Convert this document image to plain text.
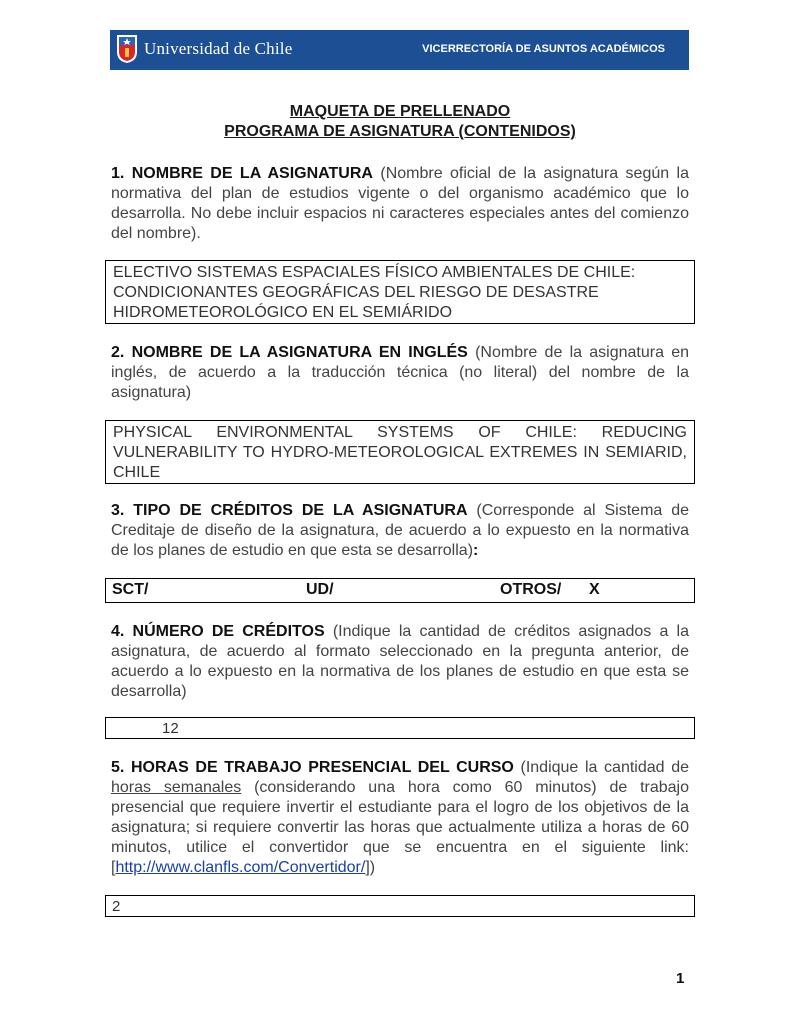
Universidad de Chile	VICERRECTORÍA DE ASUNTOS ACADÉMICOS
MAQUETA DE PRELLENADO
PROGRAMA DE ASIGNATURA (CONTENIDOS)
1. NOMBRE DE LA ASIGNATURA (Nombre oficial de la asignatura según la normativa del plan de estudios vigente o del organismo académico que lo desarrolla. No debe incluir espacios ni caracteres especiales antes del comienzo del nombre).
ELECTIVO SISTEMAS ESPACIALES FÍSICO AMBIENTALES DE CHILE: CONDICIONANTES GEOGRÁFICAS DEL RIESGO DE DESASTRE HIDROMETEOROLÓGICO EN EL SEMIÁRIDO
2. NOMBRE DE LA ASIGNATURA EN INGLÉS (Nombre de la asignatura en inglés, de acuerdo a la traducción técnica (no literal) del nombre de la asignatura)
PHYSICAL ENVIRONMENTAL SYSTEMS OF CHILE: REDUCING VULNERABILITY TO HYDRO-METEOROLOGICAL EXTREMES IN SEMIARID, CHILE
3. TIPO DE CRÉDITOS DE LA ASIGNATURA (Corresponde al Sistema de Creditaje de diseño de la asignatura, de acuerdo a lo expuesto en la normativa de los planes de estudio en que esta se desarrolla):
SCT/	UD/	OTROS/ X
4. NÚMERO DE CRÉDITOS (Indique la cantidad de créditos asignados a la asignatura, de acuerdo al formato seleccionado en la pregunta anterior, de acuerdo a lo expuesto en la normativa de los planes de estudio en que esta se desarrolla)
12
5. HORAS DE TRABAJO PRESENCIAL DEL CURSO (Indique la cantidad de horas semanales (considerando una hora como 60 minutos) de trabajo presencial que requiere invertir el estudiante para el logro de los objetivos de la asignatura; si requiere convertir las horas que actualmente utiliza a horas de 60 minutos, utilice el convertidor que se encuentra en el siguiente link: [http://www.clanfls.com/Convertidor/])
2
1
